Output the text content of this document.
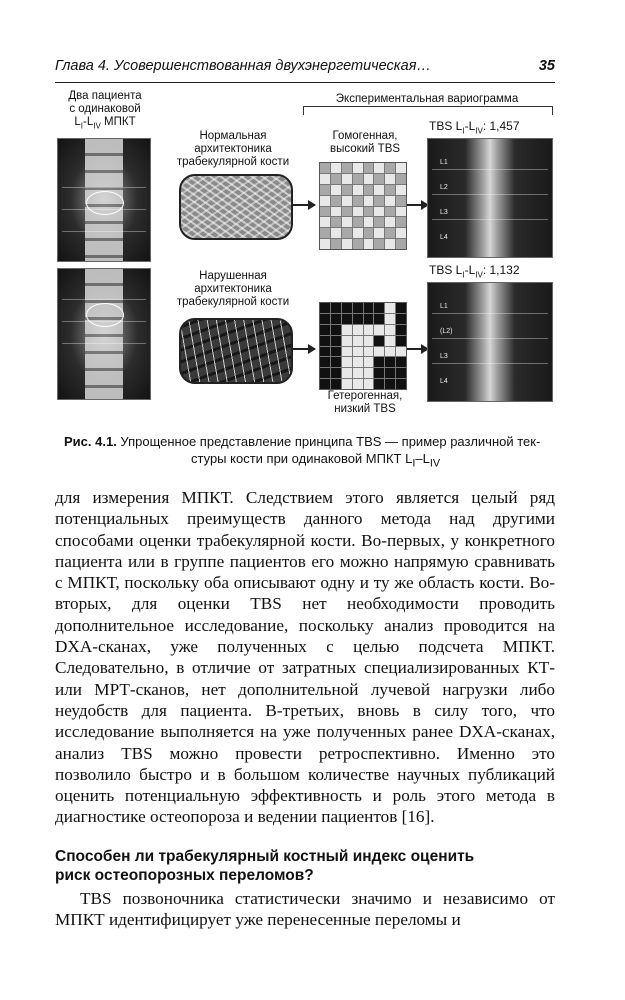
Глава 4. Усовершенствованная двухэнергетическая…	35
Два пациента
с одинаковой
$L_I-L_{IV}$ МПКТ
Нормальная
архитектоника
трабекулярной кости
Нарушенная
архитектоника
трабекулярной кости
Экспериментальная вариограмма
Гомогенная,
высокий TBS
Гетерогенная,
низкий TBS
TBS $L_I-L_{IV}$: 1,457
TBS $L_I-L_{IV}$: 1,132
L1
L2
L3
L4
L1
(L2)
L3
L4
Рис. 4.1. Упрощенное представление принципа TBS — пример различной тек-
стуры кости при одинаковой МПКТ $L_I-L_{IV}$

для измерения МПКТ. Следствием этого является целый ряд потенциальных преимуществ данного метода над другими способами оценки трабекулярной кости. Во-первых, у конкретного пациента или в группе пациентов его можно напрямую сравнивать с МПКТ, поскольку оба описывают одну и ту же область кости. Во-вторых, для оценки TBS нет необходимости проводить дополнительное исследование, поскольку анализ проводится на DXA-сканах, уже полученных с целью подсчета МПКТ. Следовательно, в отличие от затратных специализированных КТ- или МРТ-сканов, нет дополнительной лучевой нагрузки либо неудобств для пациента. В-третьих, вновь в силу того, что исследование выполняется на уже полученных ранее DXA-сканах, анализ TBS можно провести ретроспективно. Именно это позволило быстро и в большом количестве научных публикаций оценить потенциальную эффективность и роль этого метода в диагностике остеопороза и ведении пациентов [16].

Способен ли трабекулярный костный индекс оценить
риск остеопорозных переломов?
TBS позвоночника статистически значимо и независимо от МПКТ идентифицирует уже перенесенные переломы и
